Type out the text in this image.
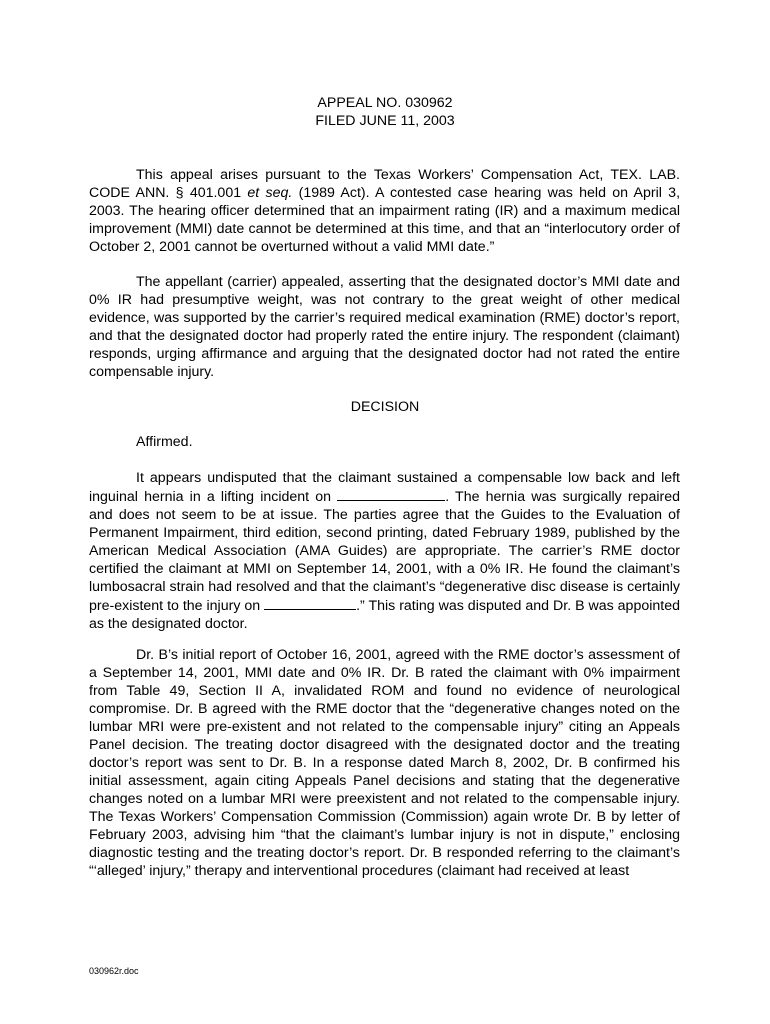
APPEAL NO. 030962
FILED JUNE 11, 2003

This appeal arises pursuant to the Texas Workers’ Compensation Act, TEX. LAB. CODE ANN. § 401.001 et seq. (1989 Act). A contested case hearing was held on April 3, 2003. The hearing officer determined that an impairment rating (IR) and a maximum medical improvement (MMI) date cannot be determined at this time, and that an “interlocutory order of October 2, 2001 cannot be overturned without a valid MMI date.”

The appellant (carrier) appealed, asserting that the designated doctor’s MMI date and 0% IR had presumptive weight, was not contrary to the great weight of other medical evidence, was supported by the carrier’s required medical examination (RME) doctor’s report, and that the designated doctor had properly rated the entire injury. The respondent (claimant) responds, urging affirmance and arguing that the designated doctor had not rated the entire compensable injury.

DECISION

Affirmed.

It appears undisputed that the claimant sustained a compensable low back and left inguinal hernia in a lifting incident on	. The hernia was surgically repaired and does not seem to be at issue. The parties agree that the Guides to the Evaluation of Permanent Impairment, third edition, second printing, dated February 1989, published by the American Medical Association (AMA Guides) are appropriate. The carrier’s RME doctor certified the claimant at MMI on September 14, 2001, with a 0% IR. He found the claimant’s lumbosacral strain had resolved and that the claimant’s “degenerative disc disease is certainly pre-existent to the injury on	.” This rating was disputed and Dr. B was appointed as the designated doctor.

Dr. B’s initial report of October 16, 2001, agreed with the RME doctor’s assessment of a September 14, 2001, MMI date and 0% IR. Dr. B rated the claimant with 0% impairment from Table 49, Section II A, invalidated ROM and found no evidence of neurological compromise. Dr. B agreed with the RME doctor that the “degenerative changes noted on the lumbar MRI were pre-existent and not related to the compensable injury” citing an Appeals Panel decision. The treating doctor disagreed with the designated doctor and the treating doctor’s report was sent to Dr. B. In a response dated March 8, 2002, Dr. B confirmed his initial assessment, again citing Appeals Panel decisions and stating that the degenerative changes noted on a lumbar MRI were preexistent and not related to the compensable injury. The Texas Workers’ Compensation Commission (Commission) again wrote Dr. B by letter of February 2003, advising him “that the claimant’s lumbar injury is not in dispute,” enclosing diagnostic testing and the treating doctor’s report. Dr. B responded referring to the claimant’s “‘alleged’ injury,” therapy and interventional procedures (claimant had received at least

030962r.doc
